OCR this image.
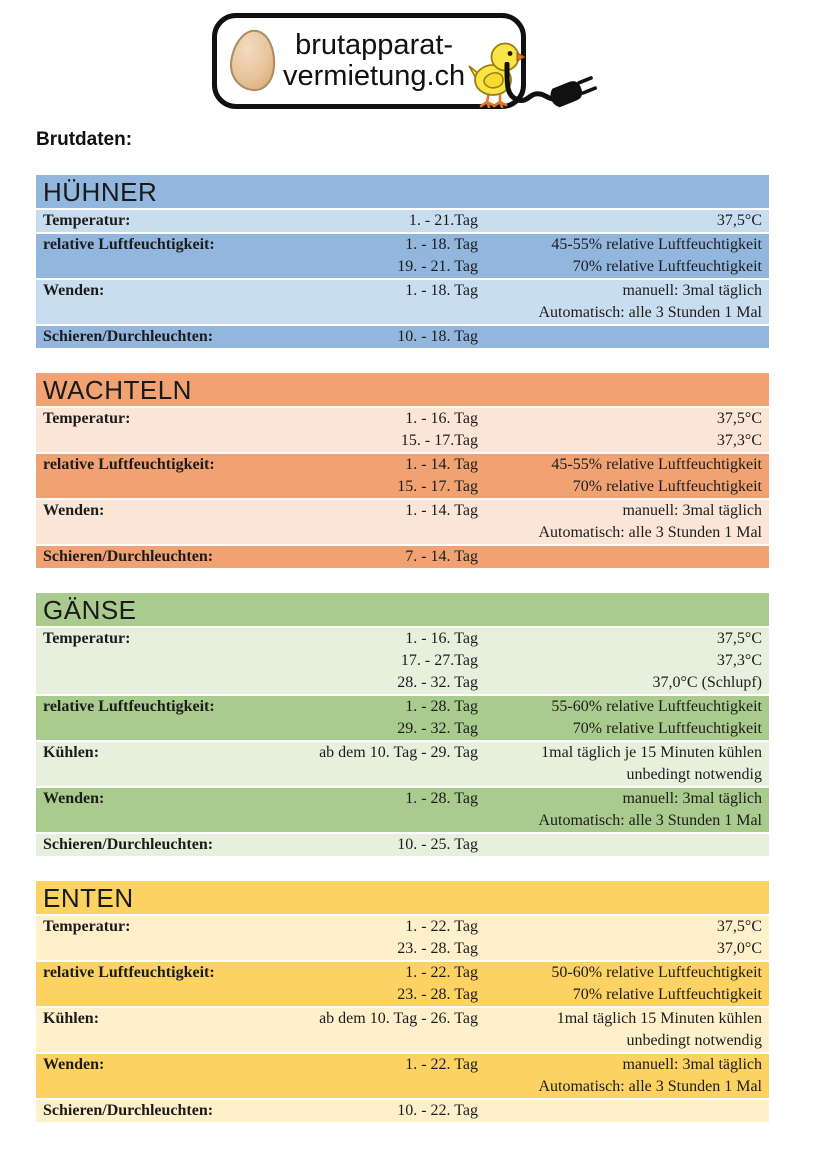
brutapparat-
vermietung.ch
Brutdaten:
HÜHNER
Temperatur:	1. - 21.Tag	37,5°C
relative Luftfeuchtigkeit:	1. - 18. Tag	45-55% relative Luftfeuchtigkeit
19. - 21. Tag	70% relative Luftfeuchtigkeit
Wenden:	1. - 18. Tag	manuell: 3mal täglich
Automatisch: alle 3 Stunden 1 Mal
Schieren/Durchleuchten:	10. - 18. Tag
WACHTELN
Temperatur:	1. - 16. Tag	37,5°C
15. - 17.Tag	37,3°C
relative Luftfeuchtigkeit:	1. - 14. Tag	45-55% relative Luftfeuchtigkeit
15. - 17. Tag	70% relative Luftfeuchtigkeit
Wenden:	1. - 14. Tag	manuell: 3mal täglich
Automatisch: alle 3 Stunden 1 Mal
Schieren/Durchleuchten:	7. - 14. Tag
GÄNSE
Temperatur:	1. - 16. Tag	37,5°C
17. - 27.Tag	37,3°C
28. - 32. Tag	37,0°C (Schlupf)
relative Luftfeuchtigkeit:	1. - 28. Tag	55-60% relative Luftfeuchtigkeit
29. - 32. Tag	70% relative Luftfeuchtigkeit
Kühlen:	ab dem 10. Tag - 29. Tag	1mal täglich je 15 Minuten kühlen
unbedingt notwendig
Wenden:	1. - 28. Tag	manuell: 3mal täglich
Automatisch: alle 3 Stunden 1 Mal
Schieren/Durchleuchten:	10. - 25. Tag
ENTEN
Temperatur:	1. - 22. Tag	37,5°C
23. - 28. Tag	37,0°C
relative Luftfeuchtigkeit:	1. - 22. Tag	50-60% relative Luftfeuchtigkeit
23. - 28. Tag	70% relative Luftfeuchtigkeit
Kühlen:	ab dem 10. Tag - 26. Tag	1mal täglich 15 Minuten kühlen
unbedingt notwendig
Wenden:	1. - 22. Tag	manuell: 3mal täglich
Automatisch: alle 3 Stunden 1 Mal
Schieren/Durchleuchten:	10. - 22. Tag
